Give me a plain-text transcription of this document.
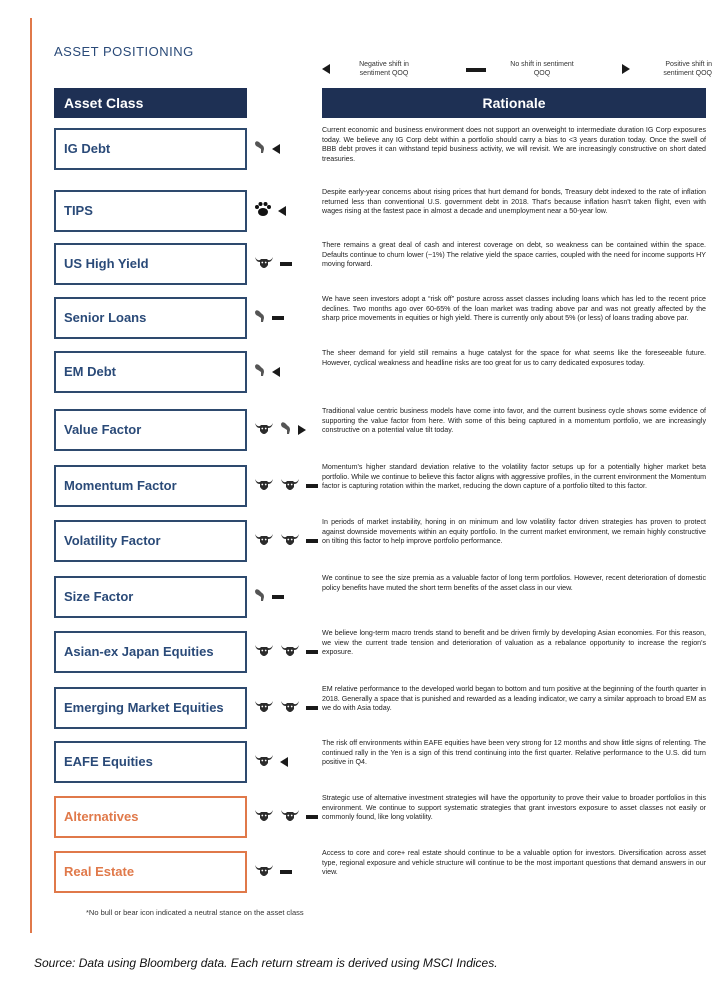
ASSET POSITIONING
Negative shift in sentiment QOQ
No shift in sentiment QOQ
Positive shift in sentiment QOQ
Asset Class	Rationale
IG Debt
Current economic and business environment does not support an overweight to intermediate duration IG Corp exposures today. We believe any IG Corp debt within a portfolio should carry a bias to <3 years duration today. Once the swell of BBB debt proves it can withstand tepid business activity, we will revisit. We are increasingly constructive on short dated treasuries.
TIPS
Despite early-year concerns about rising prices that hurt demand for bonds, Treasury debt indexed to the rate of inflation returned less than conventional U.S. government debt in 2018. That's because inflation hasn't taken flight, even with wages rising at the fastest pace in almost a decade and unemployment near a 50-year low.
US High Yield
There remains a great deal of cash and interest coverage on debt, so weakness can be contained within the space. Defaults continue to churn lower (~1%) The relative yield the space carries, coupled with the need for income supports HY moving forward.
Senior Loans
We have seen investors adopt a “risk off” posture across asset classes including loans which has led to the recent price declines. Two months ago over 60-65% of the loan market was trading above par and was not greatly affected by the sharp price movements in equities or high yield. There is currently only about 5% (or less) of loans trading above par.
EM Debt
The sheer demand for yield still remains a huge catalyst for the space for what seems like the foreseeable future. However, cyclical weakness and headline risks are too great for us to carry dedicated exposures today.
Value Factor
Traditional value centric business models have come into favor, and the current business cycle shows some evidence of supporting the value factor from here. With some of this being captured in a momentum portfolio, we are increasingly constructive on a potential value tilt today.
Momentum Factor
Momentum's higher standard deviation relative to the volatility factor setups up for a potentially higher market beta portfolio. While we continue to believe this factor aligns with aggressive profiles, in the current environment the Momentum factor is capturing rotation within the market, reducing the down capture of a portfolio tilted to this factor.
Volatility Factor
In periods of market instability, honing in on minimum and low volatility factor driven strategies has proven to protect against downside movements within an equity portfolio. In the current market environment, we remain highly constructive on tilting this factor to help improve portfolio performance.
Size Factor
We continue to see the size premia as a valuable factor of long term portfolios. However, recent deterioration of domestic policy benefits have muted the short term benefits of the asset class in our view.
Asian-ex Japan Equities
We believe long-term macro trends stand to benefit and be driven firmly by developing Asian economies. For this reason, we view the current trade tension and deterioration of valuation as a rebalance opportunity to increase the region's exposure.
Emerging Market Equities
EM relative performance to the developed world began to bottom and turn positive at the beginning of the fourth quarter in 2018. Generally a space that is punished and rewarded as a leading indicator, we carry a similar approach to broad EM as we do with Asia today.
EAFE Equities
The risk off environments within EAFE equities have been very strong for 12 months and show little signs of relenting. The continued rally in the Yen is a sign of this trend continuing into the first quarter. Relative performance to the U.S. did turn positive in Q4.
Alternatives
Strategic use of alternative investment strategies will have the opportunity to prove their value to broader portfolios in this environment. We continue to support systematic strategies that grant investors exposure to asset classes not easily or commonly found, like long volatility.
Real Estate
Access to core and core+ real estate should continue to be a valuable option for investors. Diversification across asset type, regional exposure and vehicle structure will continue to be the most important questions that demand answers in our view.
*No bull or bear icon indicated a neutral stance on the asset class
Source: Data using Bloomberg data. Each return stream is derived using MSCI Indices.
